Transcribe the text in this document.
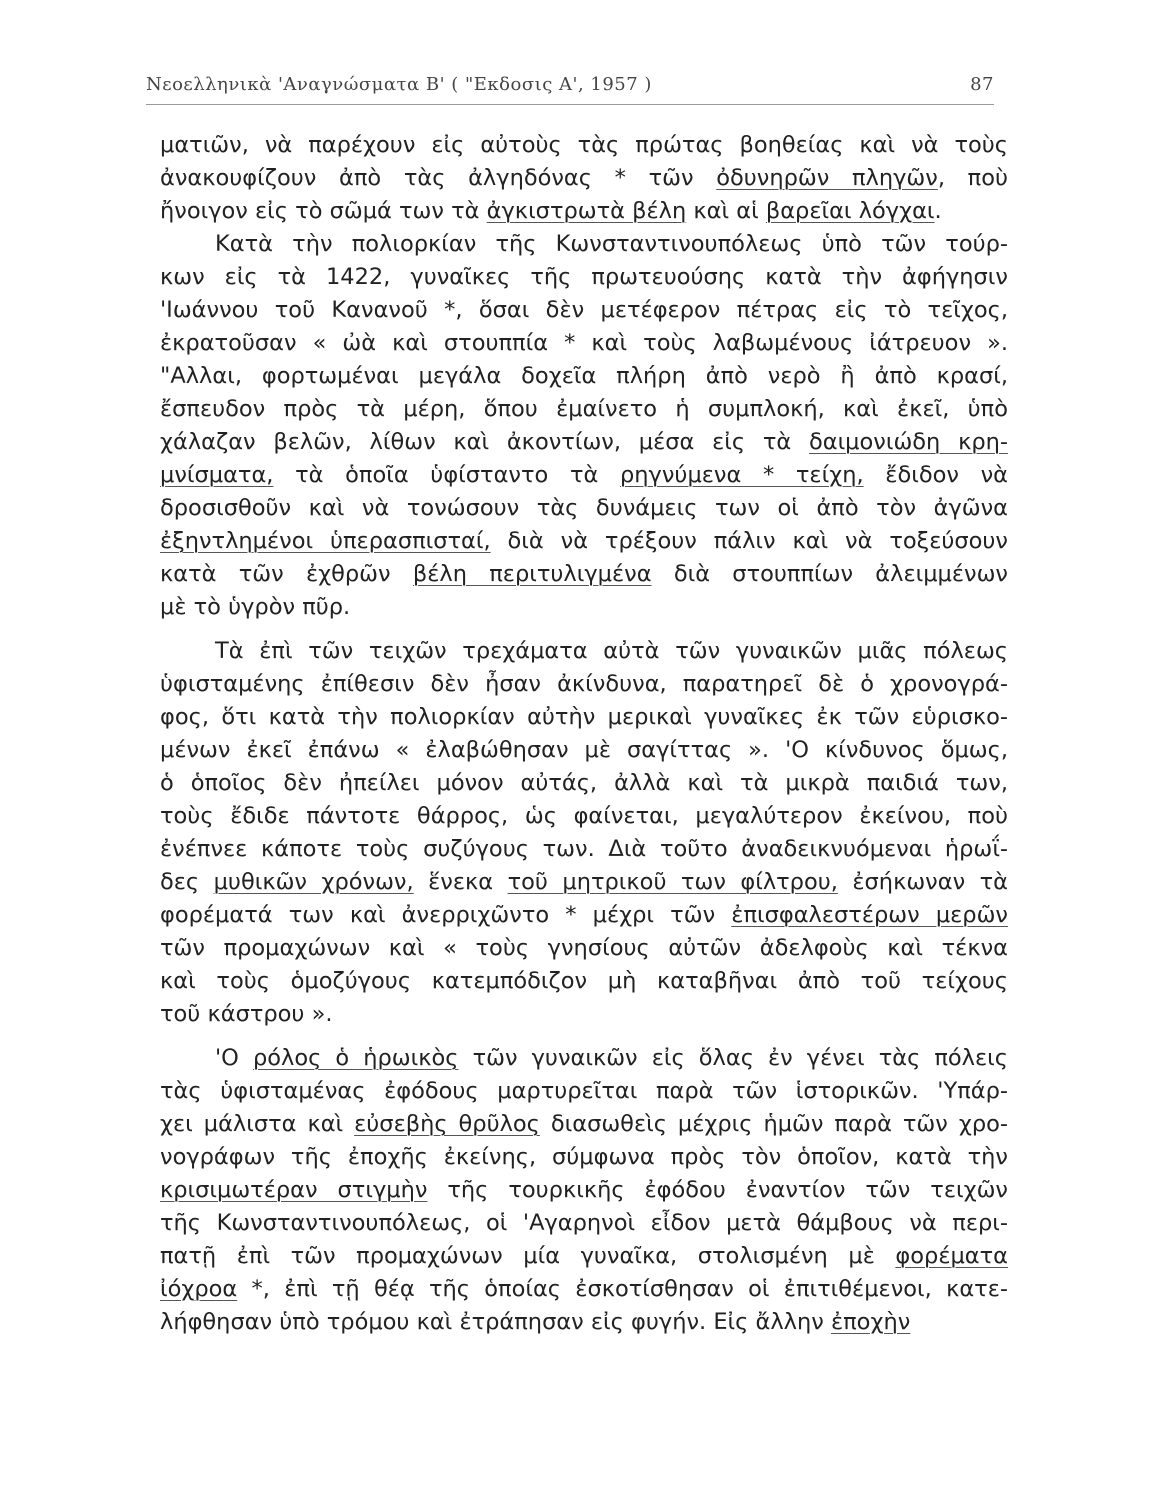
Νεοελληνικὰ 'Αναγνώσματα Β' ( "Εκδοσις Α', 1957 )	87
ματιῶν, νὰ παρέχουν εἰς αὐτοὺς τὰς πρώτας βοηθείας καὶ νὰ τοὺς
ἀνακουφίζουν ἀπὸ τὰς ἀλγηδόνας * τῶν ὀδυνηρῶν πληγῶν, ποὺ
ἤνοιγον εἰς τὸ σῶμά των τὰ ἀγκιστρωτὰ βέλη καὶ αἱ βαρεῖαι λόγχαι.
Κατὰ τὴν πολιορκίαν τῆς Κωνσταντινουπόλεως ὑπὸ τῶν τούρ-
κων εἰς τὰ 1422, γυναῖκες τῆς πρωτευούσης κατὰ τὴν ἀφήγησιν
'Ιωάννου τοῦ Κανανοῦ *, ὅσαι δὲν μετέφερον πέτρας εἰς τὸ τεῖχος,
ἐκρατοῦσαν « ὠὰ καὶ στουππία * καὶ τοὺς λαβωμένους ἰάτρευον ».
"Αλλαι, φορτωμέναι μεγάλα δοχεῖα πλήρη ἀπὸ νερὸ ἢ ἀπὸ κρασί,
ἔσπευδον πρὸς τὰ μέρη, ὅπου ἐμαίνετο ἡ συμπλοκή, καὶ ἐκεῖ, ὑπὸ
χάλαζαν βελῶν, λίθων καὶ ἀκοντίων, μέσα εἰς τὰ δαιμονιώδη κρη-
μνίσματα, τὰ ὁποῖα ὑφίσταντο τὰ ρηγνύμενα * τείχη, ἔδιδον νὰ
δροσισθοῦν καὶ νὰ τονώσουν τὰς δυνάμεις των οἱ ἀπὸ τὸν ἀγῶνα
ἐξηντλημένοι ὑπερασπισταί, διὰ νὰ τρέξουν πάλιν καὶ νὰ τοξεύσουν
κατὰ τῶν ἐχθρῶν βέλη περιτυλιγμένα διὰ στουππίων ἀλειμμένων
μὲ τὸ ὑγρὸν πῦρ.
Τὰ ἐπὶ τῶν τειχῶν τρεχάματα αὐτὰ τῶν γυναικῶν μιᾶς πόλεως
ὑφισταμένης ἐπίθεσιν δὲν ἦσαν ἀκίνδυνα, παρατηρεῖ δὲ ὁ χρονογρά-
φος, ὅτι κατὰ τὴν πολιορκίαν αὐτὴν μερικαὶ γυναῖκες ἐκ τῶν εὑρισκο-
μένων ἐκεῖ ἐπάνω « ἐλαβώθησαν μὲ σαγίττας ». 'Ο κίνδυνος ὅμως,
ὁ ὁποῖος δὲν ἠπείλει μόνον αὐτάς, ἀλλὰ καὶ τὰ μικρὰ παιδιά των,
τοὺς ἔδιδε πάντοτε θάρρος, ὡς φαίνεται, μεγαλύτερον ἐκείνου, ποὺ
ἐνέπνεε κάποτε τοὺς συζύγους των. Διὰ τοῦτο ἀναδεικνυόμεναι ἡρωΐ-
δες μυθικῶν χρόνων, ἕνεκα τοῦ μητρικοῦ των φίλτρου, ἐσήκωναν τὰ
φορέματά των καὶ ἀνερριχῶντο * μέχρι τῶν ἐπισφαλεστέρων μερῶν
τῶν προμαχώνων καὶ « τοὺς γνησίους αὐτῶν ἀδελφοὺς καὶ τέκνα
καὶ τοὺς ὁμοζύγους κατεμπόδιζον μὴ καταβῆναι ἀπὸ τοῦ τείχους
τοῦ κάστρου ».
'Ο ρόλος ὁ ἡρωικὸς τῶν γυναικῶν εἰς ὅλας ἐν γένει τὰς πόλεις
τὰς ὑφισταμένας ἐφόδους μαρτυρεῖται παρὰ τῶν ἱστορικῶν. 'Υπάρ-
χει μάλιστα καὶ εὐσεβὴς θρῦλος διασωθεὶς μέχρις ἡμῶν παρὰ τῶν χρο-
νογράφων τῆς ἐποχῆς ἐκείνης, σύμφωνα πρὸς τὸν ὁποῖον, κατὰ τὴν
κρισιμωτέραν στιγμὴν τῆς τουρκικῆς ἐφόδου ἐναντίον τῶν τειχῶν
τῆς Κωνσταντινουπόλεως, οἱ 'Αγαρηνοὶ εἶδον μετὰ θάμβους νὰ περι-
πατῇ ἐπὶ τῶν προμαχώνων μία γυναῖκα, στολισμένη μὲ φορέματα
ἰόχροα *, ἐπὶ τῇ θέᾳ τῆς ὁποίας ἐσκοτίσθησαν οἱ ἐπιτιθέμενοι, κατε-
λήφθησαν ὑπὸ τρόμου καὶ ἐτράπησαν εἰς φυγήν. Εἰς ἄλλην ἐποχὴν
